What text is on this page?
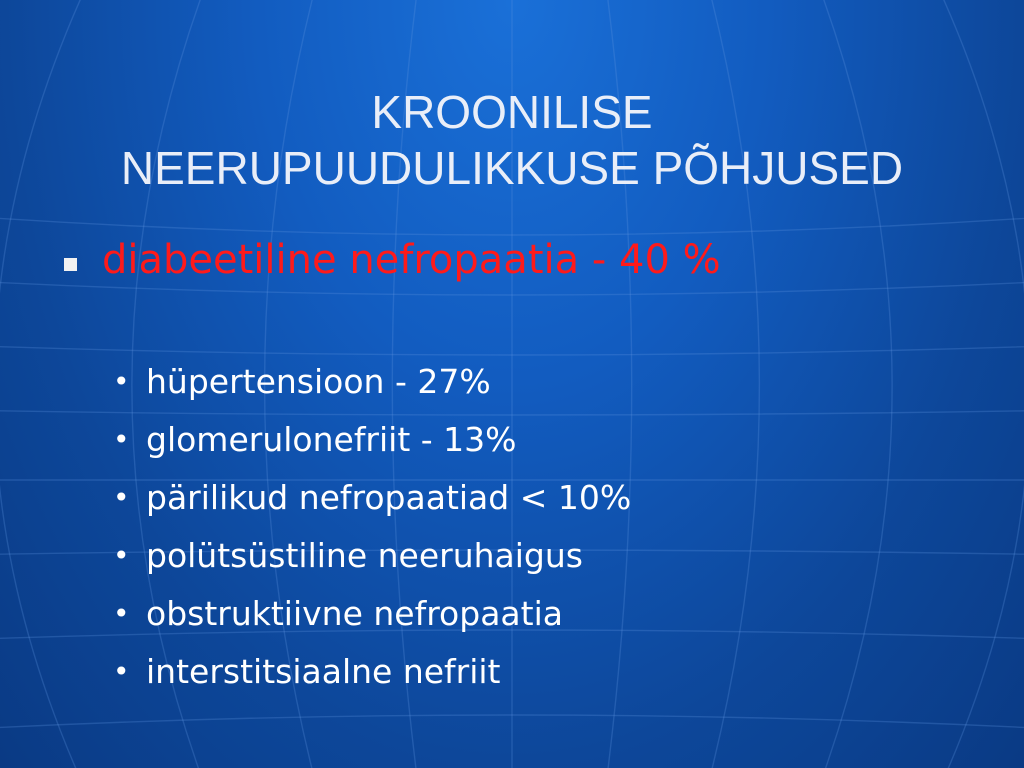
KROONILISE
NEERUPUUDULIKKUSE PÕHJUSED
diabeetiline nefropaatia - 40 %
• hüpertensioon - 27%
• glomerulonefriit - 13%
• pärilikud nefropaatiad < 10%
• polütsüstiline neeruhaigus
• obstruktiivne nefropaatia
• interstitsiaalne nefriit
